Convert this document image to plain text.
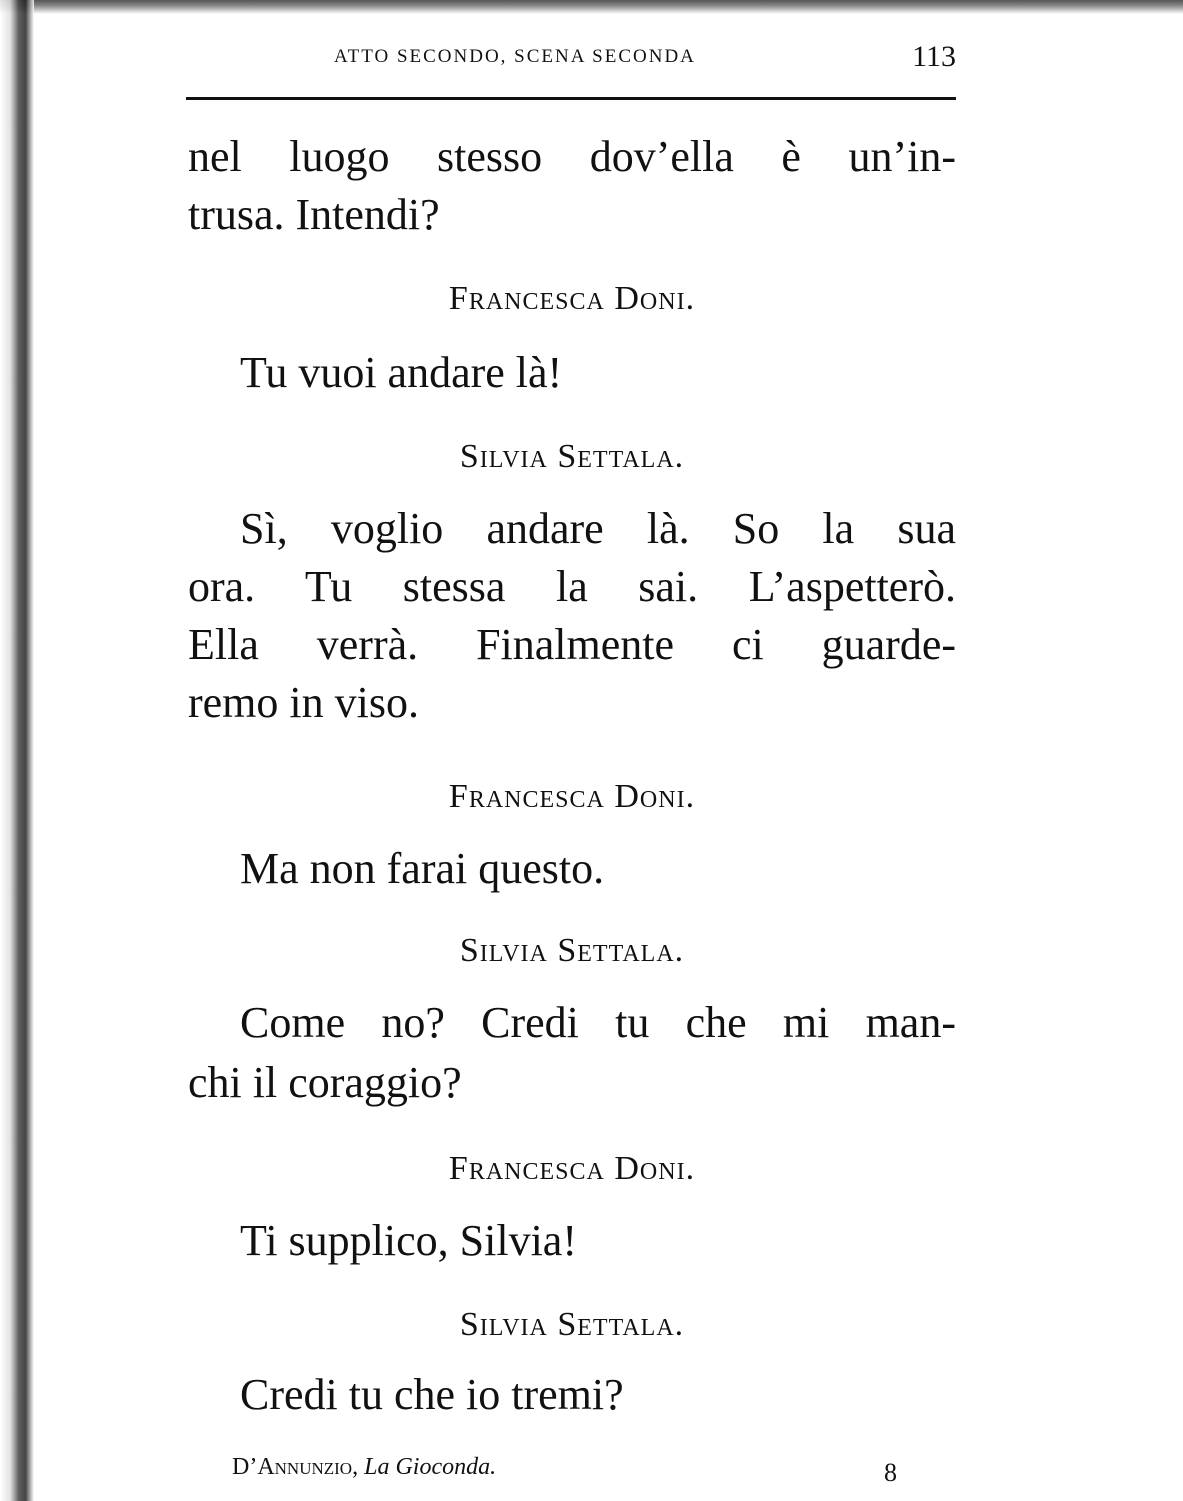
ATTO SECONDO, SCENA SECONDA	113
nel luogo stesso dov’ella è un’in-
trusa. Intendi?
Francesca Doni.
Tu vuoi andare là!
Silvia Settala.
Sì, voglio andare là. So la sua
ora. Tu stessa la sai. L’aspetterò.
Ella verrà. Finalmente ci guarde-
remo in viso.
Francesca Doni.
Ma non farai questo.
Silvia Settala.
Come no? Credi tu che mi man-
chi il coraggio?
Francesca Doni.
Ti supplico, Silvia!
Silvia Settala.
Credi tu che io tremi?
D’Annunzio, La Gioconda.	8
